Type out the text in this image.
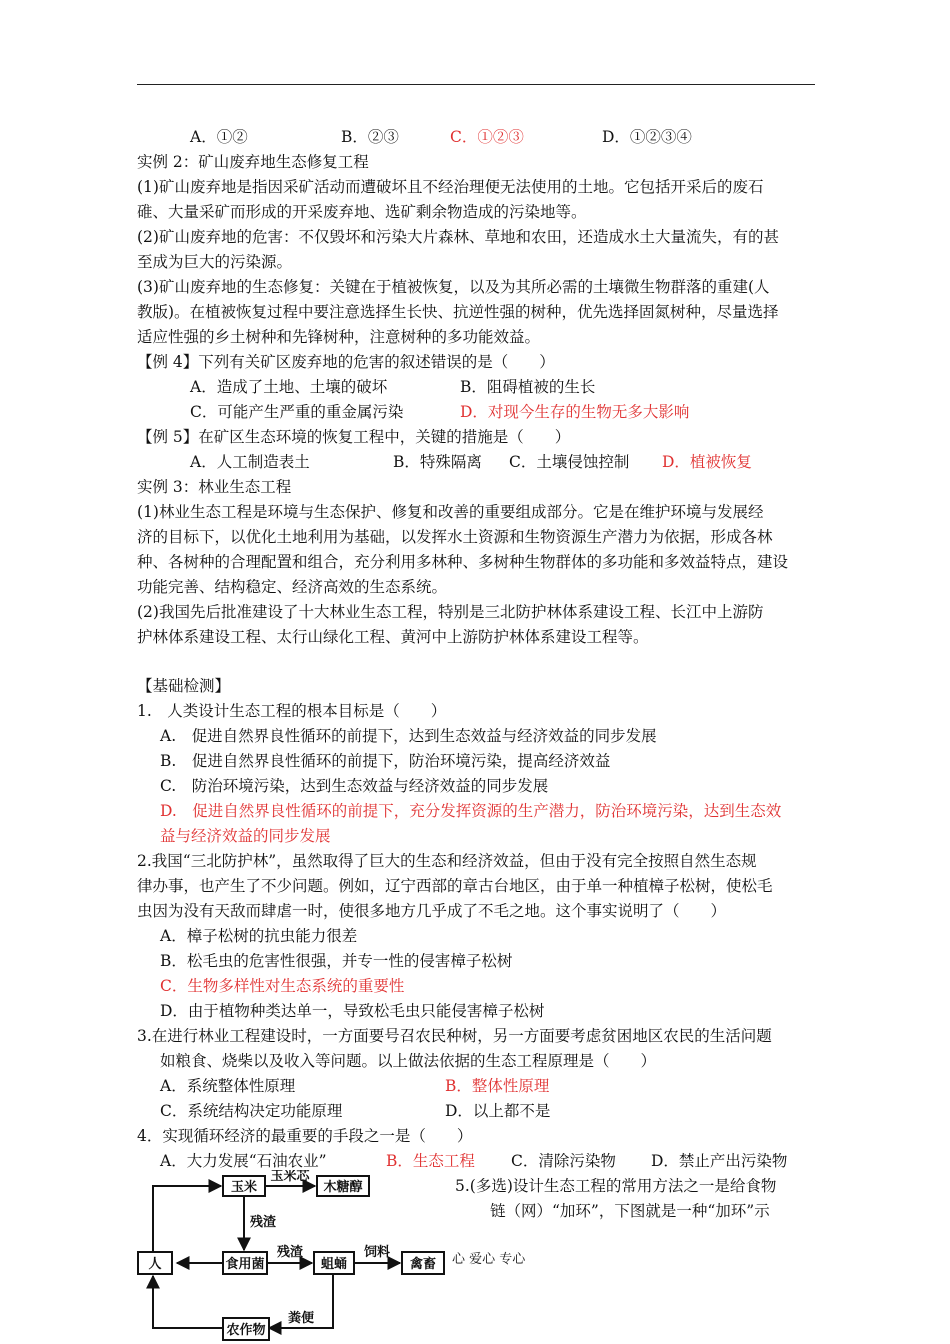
A．①②	B．②③	C．①②③	D．①②③④
实例 2：矿山废弃地生态修复工程
(1)矿山废弃地是指因采矿活动而遭破坏且不经治理便无法使用的土地。它包括开采后的废石
碓、大量采矿而形成的开采废弃地、选矿剩余物造成的污染地等。
(2)矿山废弃地的危害：不仅毁坏和污染大片森林、草地和农田，还造成水土大量流失，有的甚
至成为巨大的污染源。
(3)矿山废弃地的生态修复：关键在于植被恢复，以及为其所必需的土壤微生物群落的重建(人
教版)。在植被恢复过程中要注意选择生长快、抗逆性强的树种，优先选择固氮树种，尽量选择
适应性强的乡土树种和先锋树种，注意树种的多功能效益。
【例 4】下列有关矿区废弃地的危害的叙述错误的是（　　）
A．造成了土地、土壤的破坏	B．阻碍植被的生长
C．可能产生严重的重金属污染	D．对现今生存的生物无多大影响
【例 5】在矿区生态环境的恢复工程中，关键的措施是（　　）
A．人工制造表土	B．特殊隔离 C．土壤侵蚀控制 D．植被恢复
实例 3：林业生态工程
(1)林业生态工程是环境与生态保护、修复和改善的重要组成部分。它是在维护环境与发展经
济的目标下，以优化土地利用为基础，以发挥水土资源和生物资源生产潜力为依据，形成各林
种、各树种的合理配置和组合，充分利用多林种、多树种生物群体的多功能和多效益特点，建设
功能完善、结构稳定、经济高效的生态系统。
(2)我国先后批准建设了十大林业生态工程，特别是三北防护林体系建设工程、长江中上游防
护林体系建设工程、太行山绿化工程、黄河中上游防护林体系建设工程等。
【基础检测】
1.　人类设计生态工程的根本目标是（　　）
A.　促进自然界良性循环的前提下，达到生态效益与经济效益的同步发展
B.　促进自然界良性循环的前提下，防治环境污染，提高经济效益
C.　防治环境污染，达到生态效益与经济效益的同步发展
D.　促进自然界良性循环的前提下，充分发挥资源的生产潜力，防治环境污染，达到生态效
益与经济效益的同步发展
2.我国“三北防护林”，虽然取得了巨大的生态和经济效益，但由于没有完全按照自然生态规
律办事，也产生了不少问题。例如，辽宁西部的章古台地区，由于单一种植樟子松树，使松毛
虫因为没有天敌而肆虐一时，使很多地方几乎成了不毛之地。这个事实说明了（　　）
A．樟子松树的抗虫能力很差
B．松毛虫的危害性很强，并专一性的侵害樟子松树
C．生物多样性对生态系统的重要性
D．由于植物种类达单一，导致松毛虫只能侵害樟子松树
3.在进行林业工程建设时，一方面要号召农民种树，另一方面要考虑贫困地区农民的生活问题
如粮食、烧柴以及收入等问题。以上做法依据的生态工程原理是（　　）
A．系统整体性原理	B．整体性原理
C．系统结构决定功能原理	D．以上都不是
4．实现循环经济的最重要的手段之一是（　　）
A．大力发展“石油农业”	B．生态工程 C．清除污染物 D．禁止产出污染物
5.(多选)设计生态工程的常用方法之一是给食物
链（网）“加环”，下图就是一种“加环”示
心 爱心 专心
玉米	木糖醇
人	食用菌	蛆蛹	禽畜
农作物
玉米芯
残渣
残渣	饲料
粪便
